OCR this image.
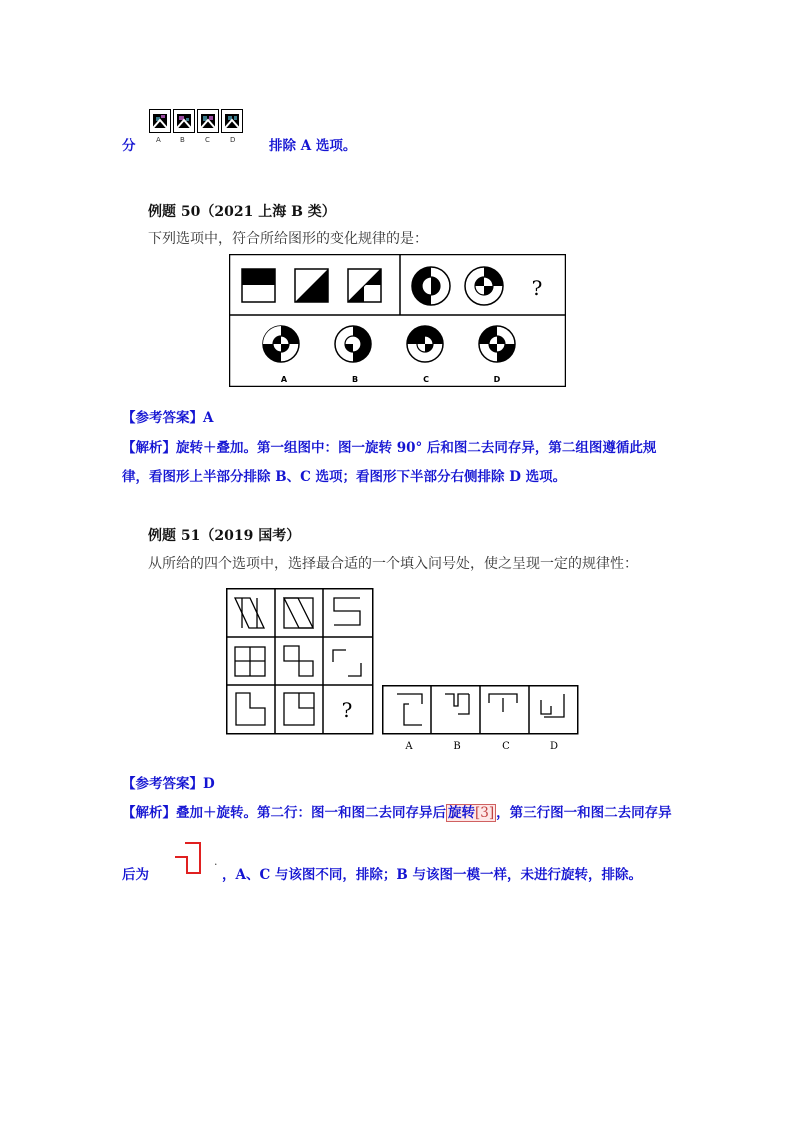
分	A	B	C	D 排除 A 选项。
例题 50（2021 上海 B 类）
下列选项中，符合所给图形的变化规律的是：
?
A	B	C	D
【参考答案】A
【解析】旋转＋叠加。第一组图中：图一旋转 90° 后和图二去同存异，第二组图遵循此规
律，看图形上半部分排除 B、C 选项；看图形下半部分右侧排除 D 选项。
例题 51（2019 国考）
从所给的四个选项中，选择最合适的一个填入问号处，使之呈现一定的规律性：
?
A	B	C	D
【参考答案】D
【解析】叠加＋旋转。第二行：图一和图二去同存异后 旋转[3] ，第三行图一和图二去同存异
后为
·
，A、C 与该图不同，排除；B 与该图一模一样，未进行旋转，排除。
